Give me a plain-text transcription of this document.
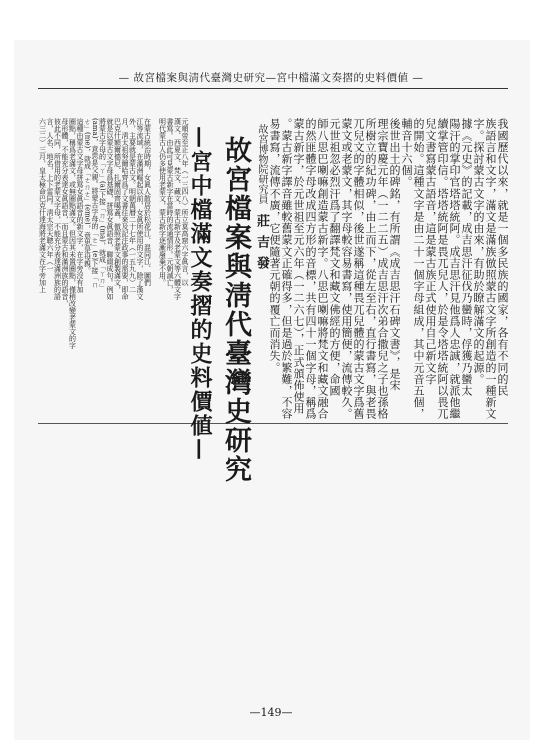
— 故宮檔案與淸代臺灣史研究—宮中檔滿文奏摺的史料價値 —
故宮博物院研究員莊吉發
故宮檔案與淸代臺灣史研究
—宮中檔滿文奏摺的史料價値—	我國歷代以來，就是一個多民族的國家，各有不同的民
族語言和文字，滿文是滿族倣照蒙古文字所創造的一種新文
字。探討蒙古文字的由來，有助於瞭解滿文的起源。
據《元史》的記載，成吉思汗征伐乃蠻時，俘獲乃蠻太
陽汗的掌印官塔塔統阿。成吉思汗見他爲人忠誠，就派他繼
續掌管印信。塔塔統阿是畏兀兒人，於是令塔塔統阿以畏兀
兒文書寫蒙古語音，這是蒙古族正式使用自己新文字
的開始。這種文字是由二十一個字母組成，其中元音五個，
輔音十六個。
後世出土的碑銘，有所謂《成吉思汗石碑文書》，是宋
理宗寶慶元年（一二二五）成吉思汗次弟合撒兒之子也孫格
所樹立的紀功碑，由上而下，從左至右，直行書寫，與老畏
兀兒文的字體相似，後世遂稱這種畏兀兒體的蒙古文字爲舊
蒙文或老蒙文，其字母較容易書寫，使用簡便，流傳較久。
元世祖忽必烈汗爲了翻譯梵文和藏文佛經的方便，命國
師八思巴喇嘛創造蒙古新字。八思巴喇嘛將梵文和藏文融合
的然匪體字母改成四方形的音標，共有四十一個字母，稱爲
蒙古新字，於元世祖至元六年（一二六七），正式頒佈使用
。蒙古新字譯音雖較舊蒙文正確得多，但是過於繁難，不容
易書寫，流傳不廣，它便隨著元朝的覆亡而消失。
元順帝至正八年（一三四八）所立莫高窟六字眞言，以
漢文、西夏文、梵文、藏文、蒙古新字及老蒙文等六體文字
書寫。由此可見蒙古新字在當時的流通情形。元朝滅亡，
明代蒙古人仍多使用老蒙文，蒙古新字逐漸廢棄不用。
在蒙古統治時期，女眞人散居於松花江、混同江、圖們
江等流域，在滿洲崛起以前，女眞所使用的文字，除了漢文
外，主要就是蒙古文。明朝萬曆二十七年（一五九九）二
月，淸太祖努爾哈齊爲了文書往來及記注政事的需要，即命
巴克什額爾德尼、扎爾固齊噶蓋，倣照老蒙文創製滿文，
就是以蒙古文字母爲基礎，拼寫女眞語音，聯綴成句。例如
將蒙古字母的「ㄚ」(a)下接「ㄇ」(ma)，就成「ㄚㄇ」
(ama)，意思是父親。將蒙古字母的「ㄜ」(e)下接「ㄇ
ㄜ」(me)，就成「ㄜㄇㄜ」(eme)，意思是母親。
這種由蒙古文字母拼寫女眞語音的新文字，在字旁沒有加
圈點，稱爲老滿文，或無圈點滿文。但因其未置圈點，僅稍改變老蒙文的字
母形體，不能充分表達女眞語音，而且蒙古和滿洲族的語音，
彼此不同，所借用的老蒙文字母，不能充分表達滿洲族的語
言，人名、地名，上下雷同。淸太宗天聰六年（一
六三二）三月，皇太極命巴克什達海將老滿文在字旁加上
—149—
